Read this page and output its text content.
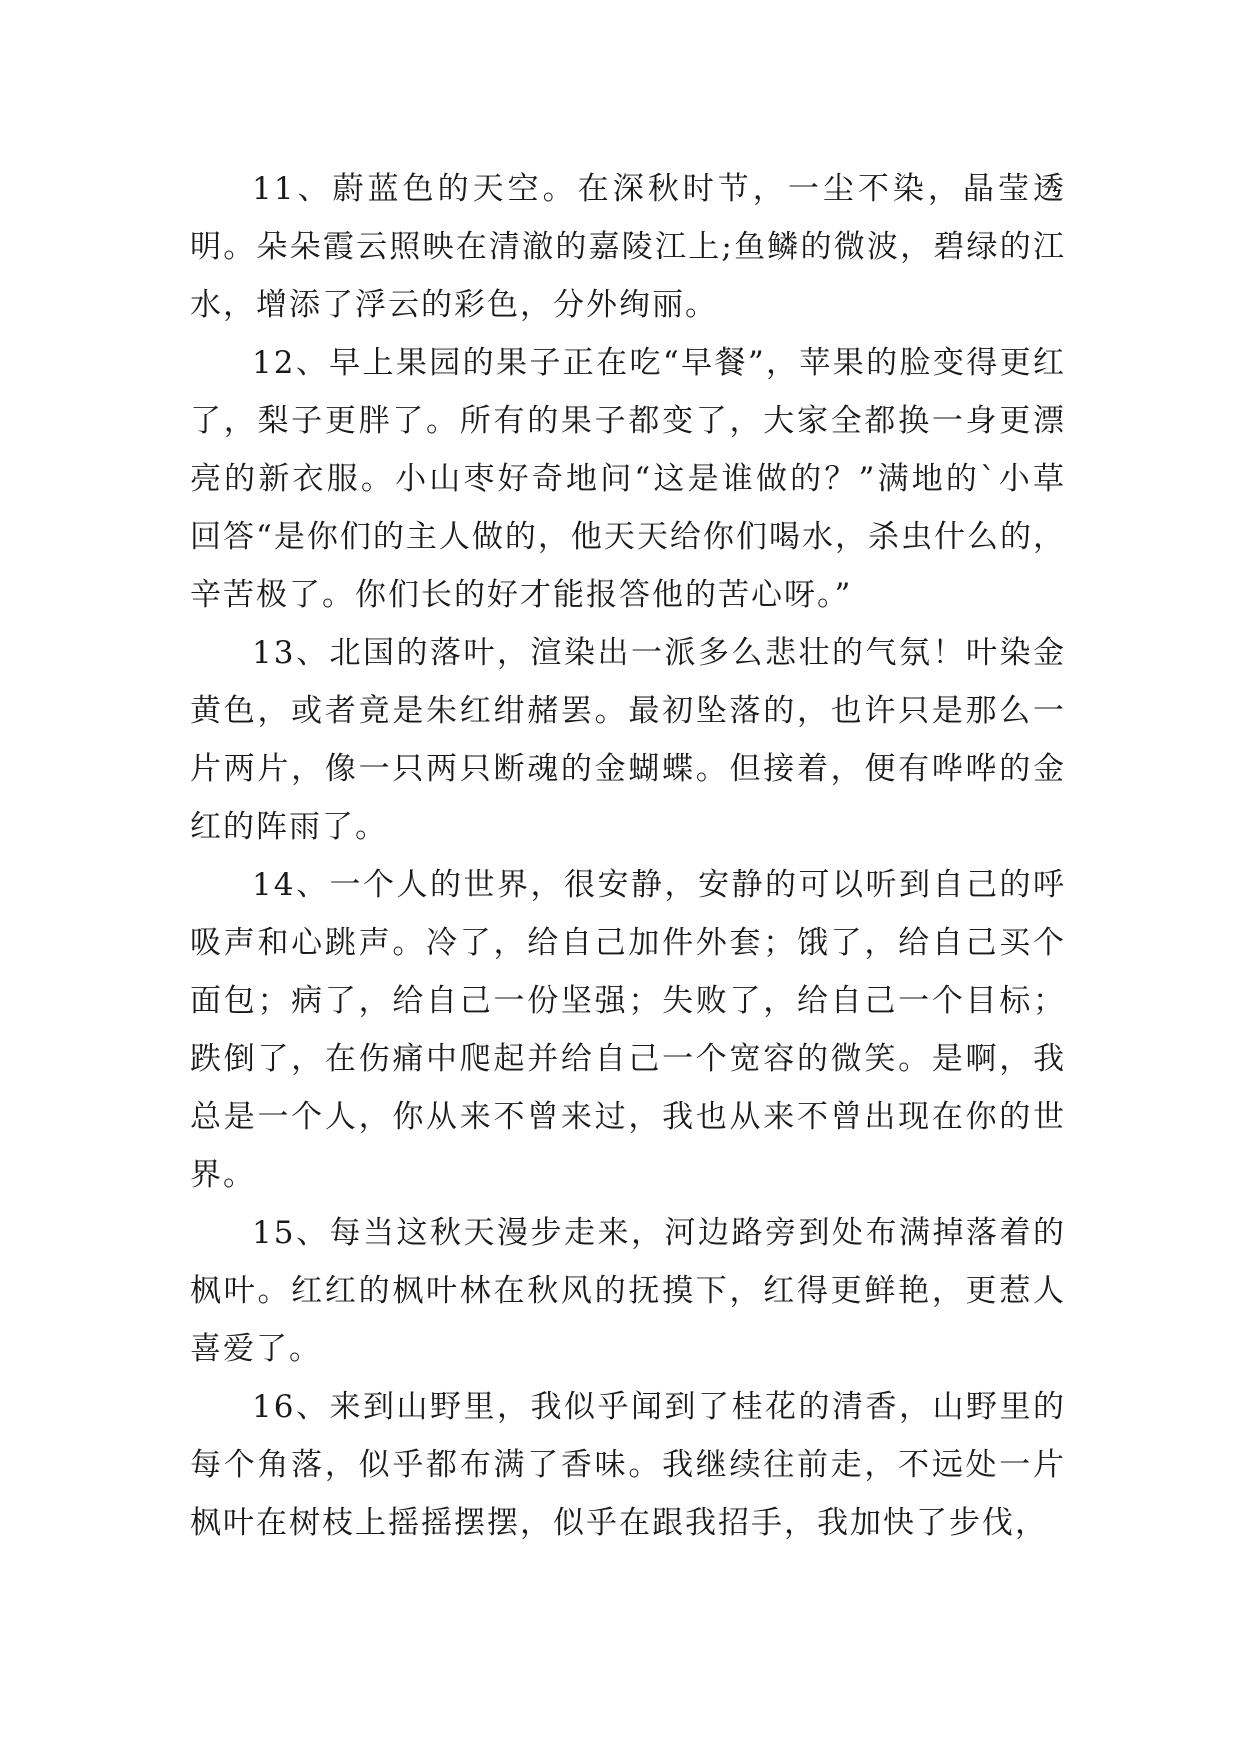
11、蔚蓝色的天空。在深秋时节，一尘不染，晶莹透明。朵朵霞云照映在清澈的嘉陵江上;鱼鳞的微波，碧绿的江水，增添了浮云的彩色，分外绚丽。

12、早上果园的果子正在吃“早餐”，苹果的脸变得更红了，梨子更胖了。所有的果子都变了，大家全都换一身更漂亮的新衣服。小山枣好奇地问“这是谁做的？”满地的`小草回答“是你们的主人做的，他天天给你们喝水，杀虫什么的，辛苦极了。你们长的好才能报答他的苦心呀。”

13、北国的落叶，渲染出一派多么悲壮的气氛！叶染金黄色，或者竟是朱红绀赭罢。最初坠落的，也许只是那么一片两片，像一只两只断魂的金蝴蝶。但接着，便有哗哗的金红的阵雨了。

14、一个人的世界，很安静，安静的可以听到自己的呼吸声和心跳声。冷了，给自己加件外套；饿了，给自己买个面包；病了，给自己一份坚强；失败了，给自己一个目标；跌倒了，在伤痛中爬起并给自己一个宽容的微笑。是啊，我总是一个人，你从来不曾来过，我也从来不曾出现在你的世界。

15、每当这秋天漫步走来，河边路旁到处布满掉落着的枫叶。红红的枫叶林在秋风的抚摸下，红得更鲜艳，更惹人喜爱了。

16、来到山野里，我似乎闻到了桂花的清香，山野里的每个角落，似乎都布满了香味。我继续往前走，不远处一片枫叶在树枝上摇摇摆摆，似乎在跟我招手，我加快了步伐，
